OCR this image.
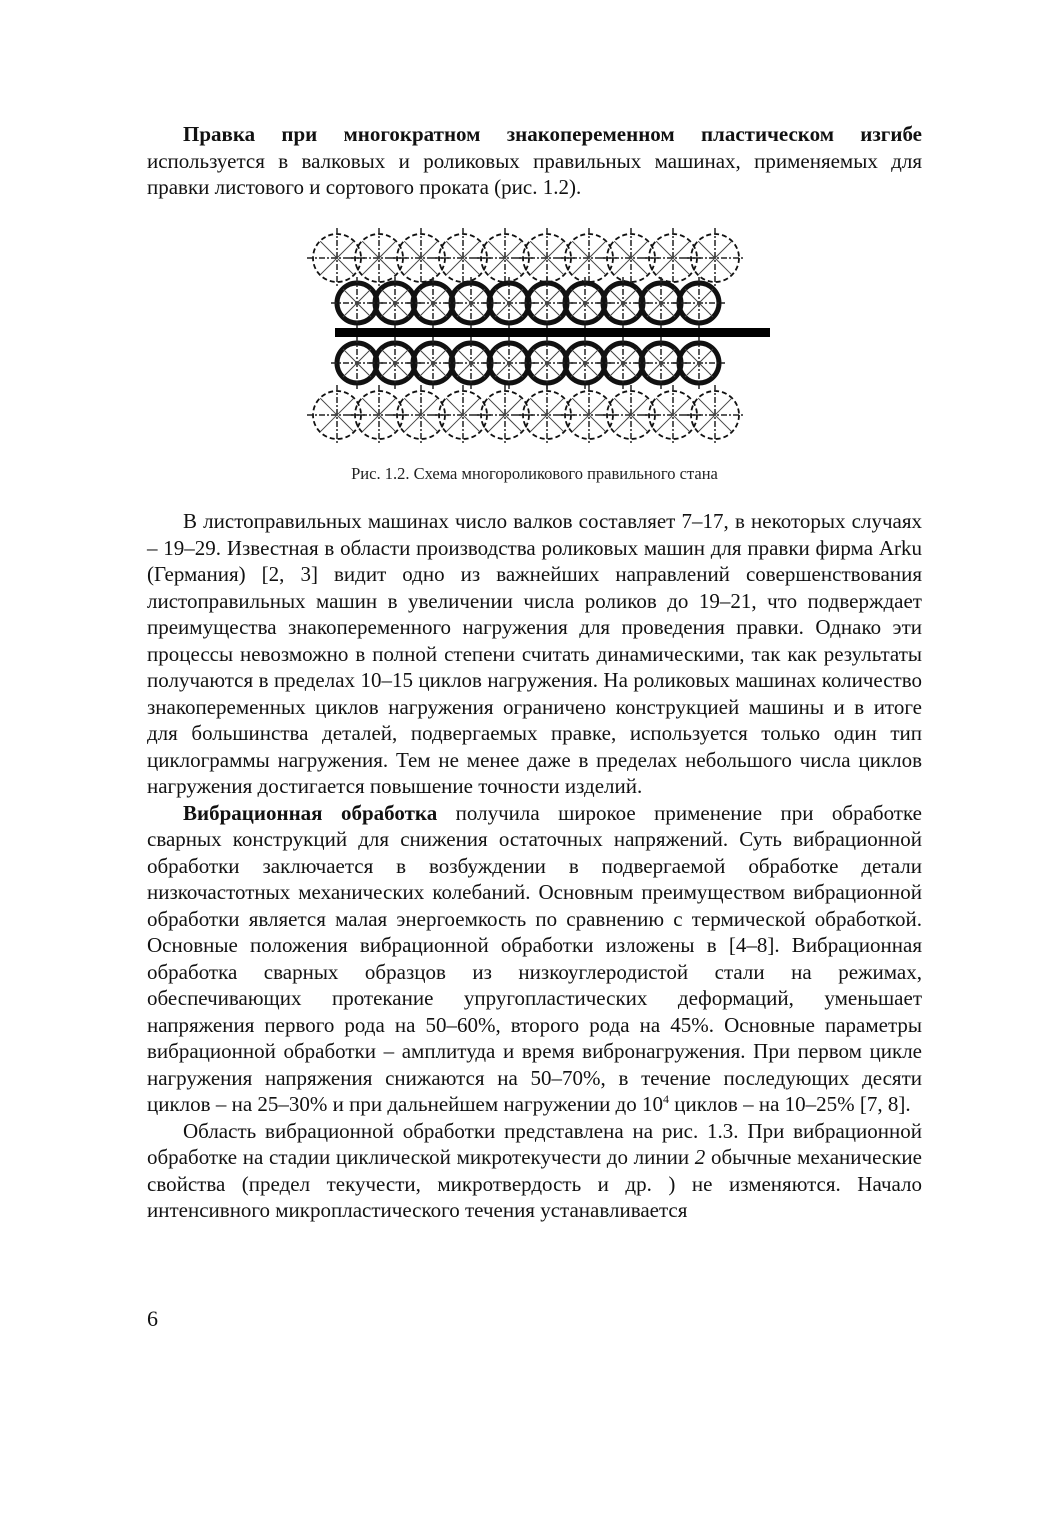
Правка при многократном знакопеременном пластическом изгибе используется в валковых и роликовых правильных машинах, применяемых для правки листового и сортового проката (рис. 1.2).

Рис. 1.2. Схема многороликового правильного стана

В листоправильных машинах число валков составляет 7–17, в некоторых случаях – 19–29. Известная в области производства роликовых машин для правки фирма Arku (Германия) [2, 3] видит одно из важнейших направлений совершенствования листоправильных машин в увеличении числа роликов до 19–21, что подверждает преимущества знакопеременного нагружения для проведения правки. Однако эти процессы невозможно в полной степени считать динамическими, так как результаты получаются в пределах 10–15 циклов нагружения. На роликовых машинах количество знакопеременных циклов нагружения ограничено конструкцией машины и в итоге для большинства деталей, подвергаемых правке, используется только один тип циклограммы нагружения. Тем не менее даже в пределах небольшого числа циклов нагружения достигается повышение точности изделий.

Вибрационная обработка получила широкое применение при обработке сварных конструкций для снижения остаточных напряжений. Суть вибрационной обработки заключается в возбуждении в подвергаемой обработке детали низкочастотных механических колебаний. Основным преимуществом вибрационной обработки является малая энергоемкость по сравнению с термической обработкой. Основные положения вибрационной обработки изложены в [4–8]. Вибрационная обработка сварных образцов из низкоуглеродистой стали на режимах, обеспечивающих протекание упругопластических деформаций, уменьшает напряжения первого рода на 50–60%, второго рода на 45%. Основные параметры вибрационной обработки – амплитуда и время вибронагружения. При первом цикле нагружения напряжения снижаются на 50–70%, в течение последующих десяти циклов – на 25–30% и при дальнейшем нагружении до $10^4$ циклов – на 10–25% [7, 8].

Область вибрационной обработки представлена на рис. 1.3. При вибрационной обработке на стадии циклической микротекучести до линии 2 обычные механические свойства (предел текучести, микротвердость и др. ) не изменяются. Начало интенсивного микропластического течения устанавливается

6
